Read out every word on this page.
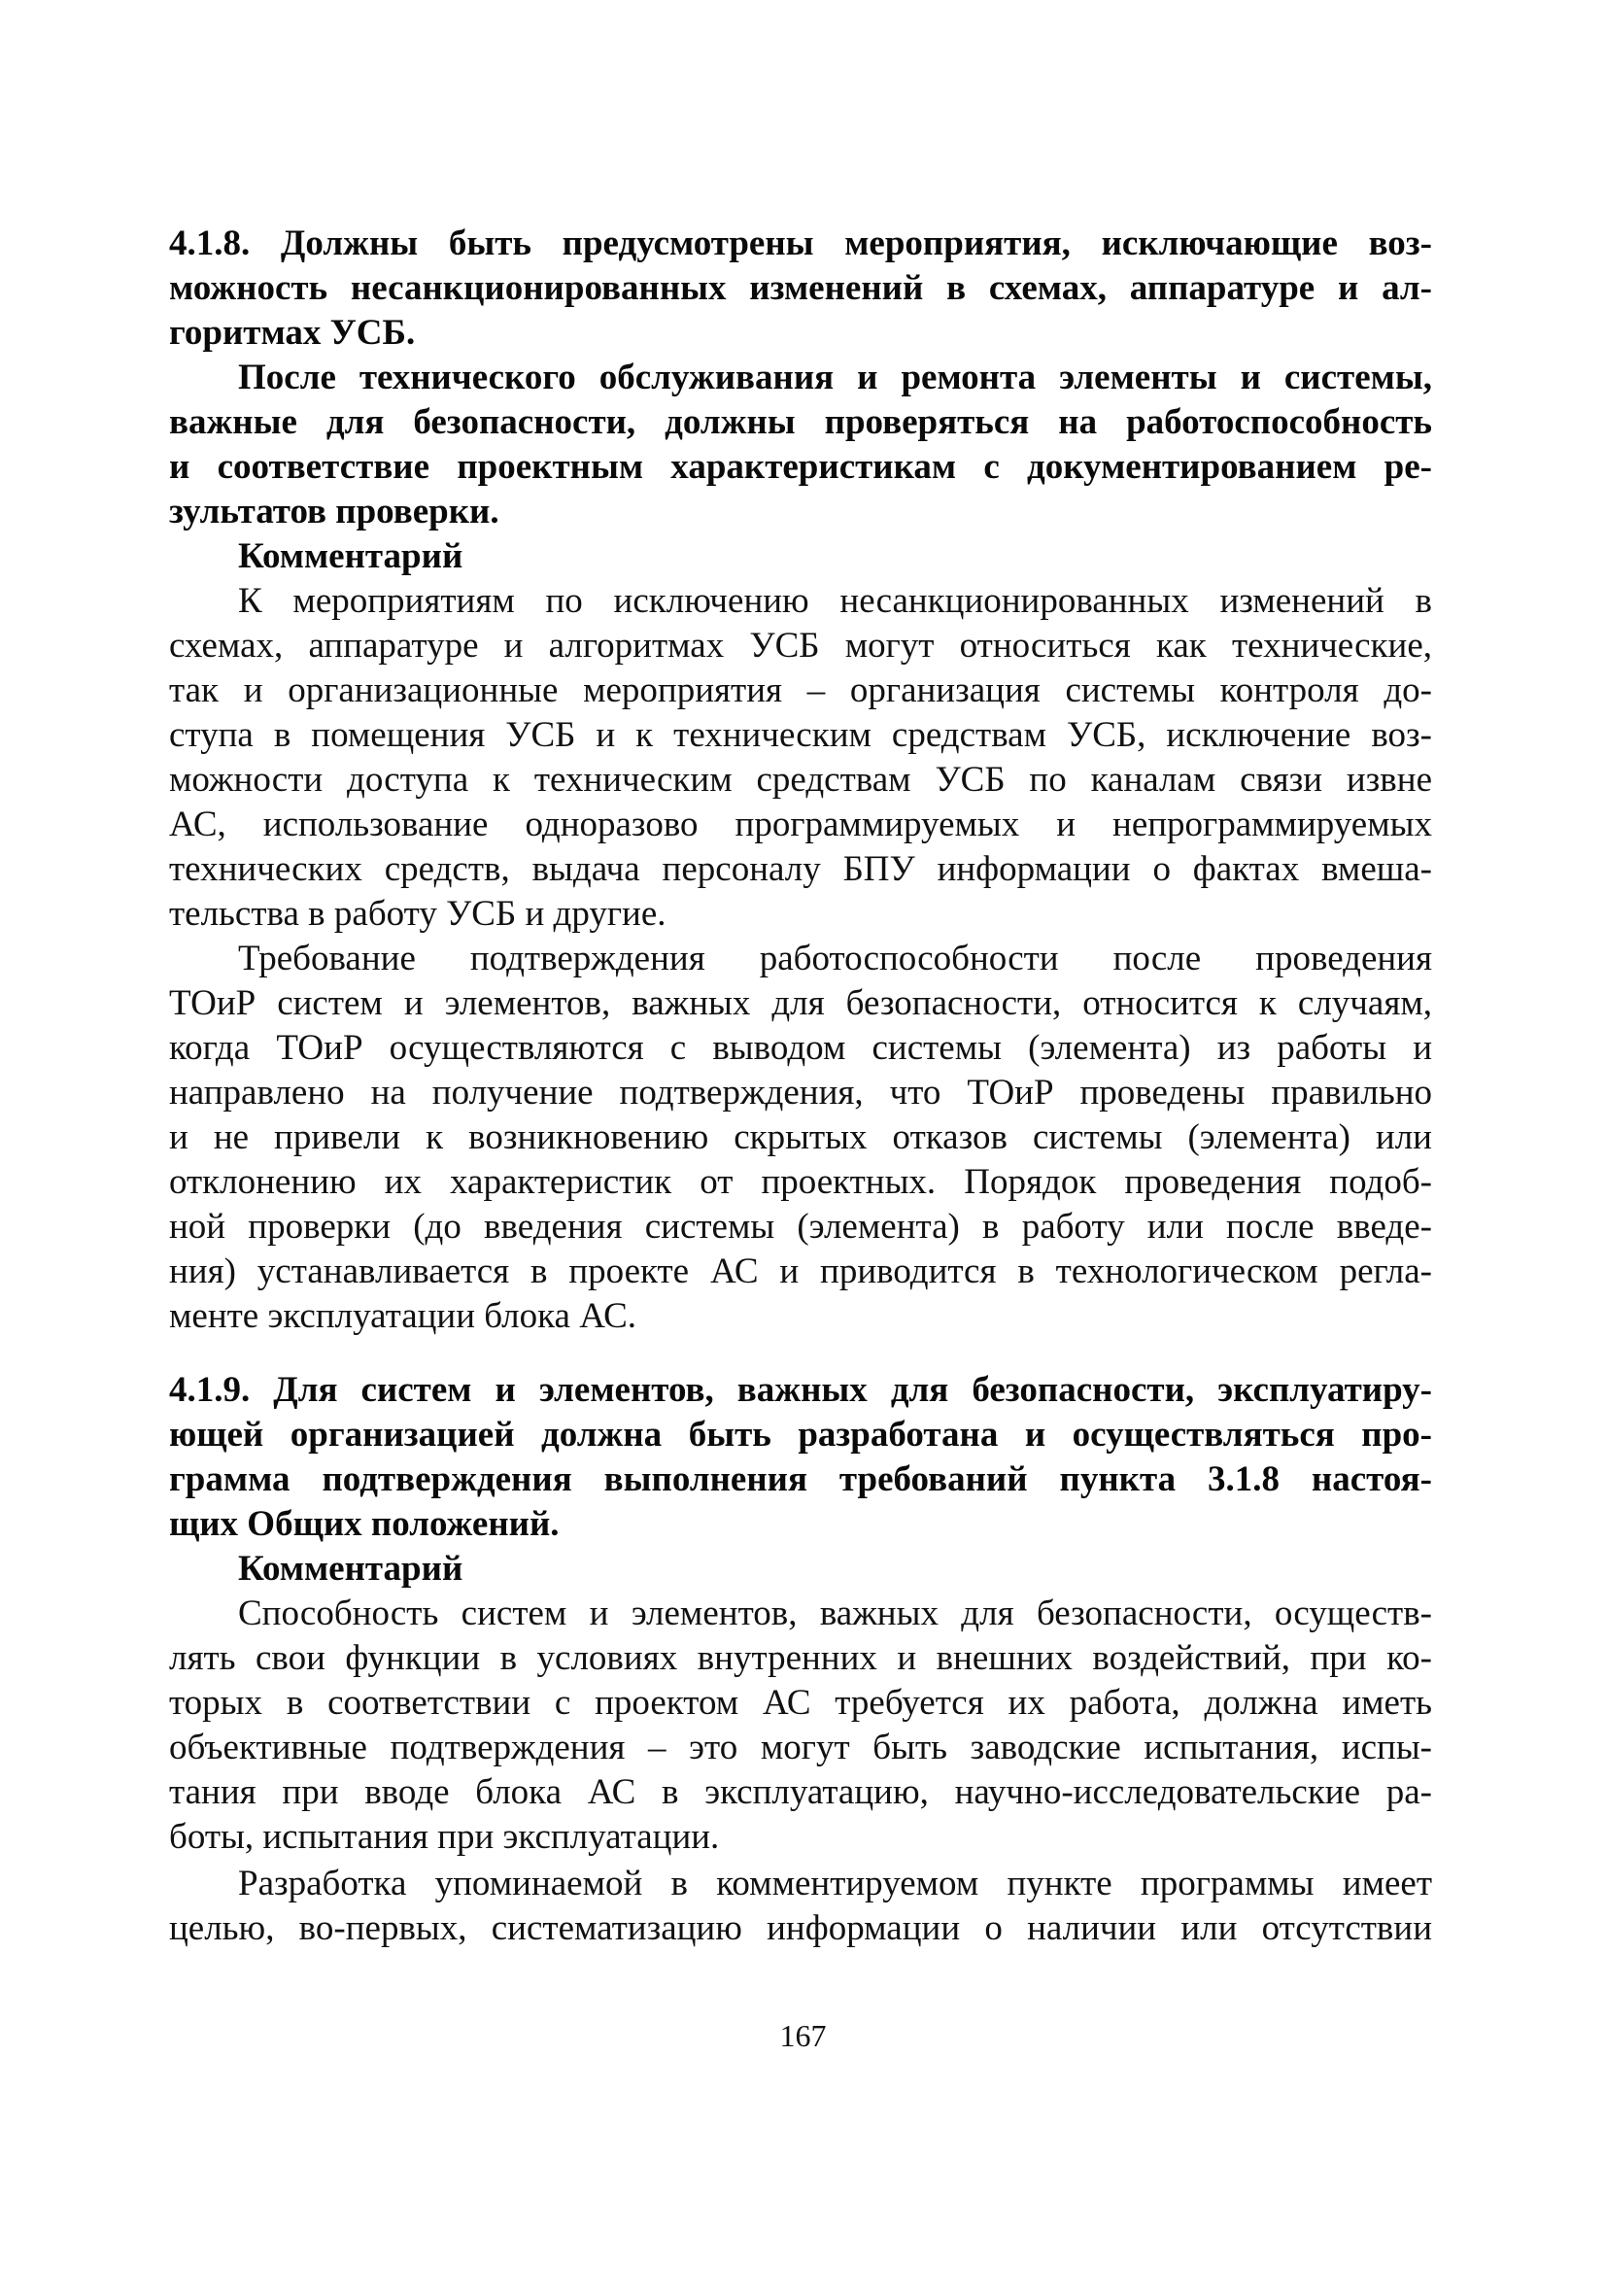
4.1.8. Должны быть предусмотрены мероприятия, исключающие воз-
можность несанкционированных изменений в схемах, аппаратуре и ал-
горитмах УСБ.
После технического обслуживания и ремонта элементы и системы,
важные для безопасности, должны проверяться на работоспособность
и соответствие проектным характеристикам с документированием ре-
зультатов проверки.
Комментарий
К мероприятиям по исключению несанкционированных изменений в
схемах, аппаратуре и алгоритмах УСБ могут относиться как технические,
так и организационные мероприятия – организация системы контроля до-
ступа в помещения УСБ и к техническим средствам УСБ, исключение воз-
можности доступа к техническим средствам УСБ по каналам связи извне
АС, использование одноразово программируемых и непрограммируемых
технических средств, выдача персоналу БПУ информации о фактах вмеша-
тельства в работу УСБ и другие.
Требование подтверждения работоспособности после проведения
ТОиР систем и элементов, важных для безопасности, относится к случаям,
когда ТОиР осуществляются с выводом системы (элемента) из работы и
направлено на получение подтверждения, что ТОиР проведены правильно
и не привели к возникновению скрытых отказов системы (элемента) или
отклонению их характеристик от проектных. Порядок проведения подоб-
ной проверки (до введения системы (элемента) в работу или после введе-
ния) устанавливается в проекте АС и приводится в технологическом регла-
менте эксплуатации блока АС.
4.1.9. Для систем и элементов, важных для безопасности, эксплуатиру-
ющей организацией должна быть разработана и осуществляться про-
грамма подтверждения выполнения требований пункта 3.1.8 настоя-
щих Общих положений.
Комментарий
Способность систем и элементов, важных для безопасности, осуществ-
лять свои функции в условиях внутренних и внешних воздействий, при ко-
торых в соответствии с проектом АС требуется их работа, должна иметь
объективные подтверждения – это могут быть заводские испытания, испы-
тания при вводе блока АС в эксплуатацию, научно-исследовательские ра-
боты, испытания при эксплуатации.
Разработка упоминаемой в комментируемом пункте программы имеет
целью, во-первых, систематизацию информации о наличии или отсутствии
167
